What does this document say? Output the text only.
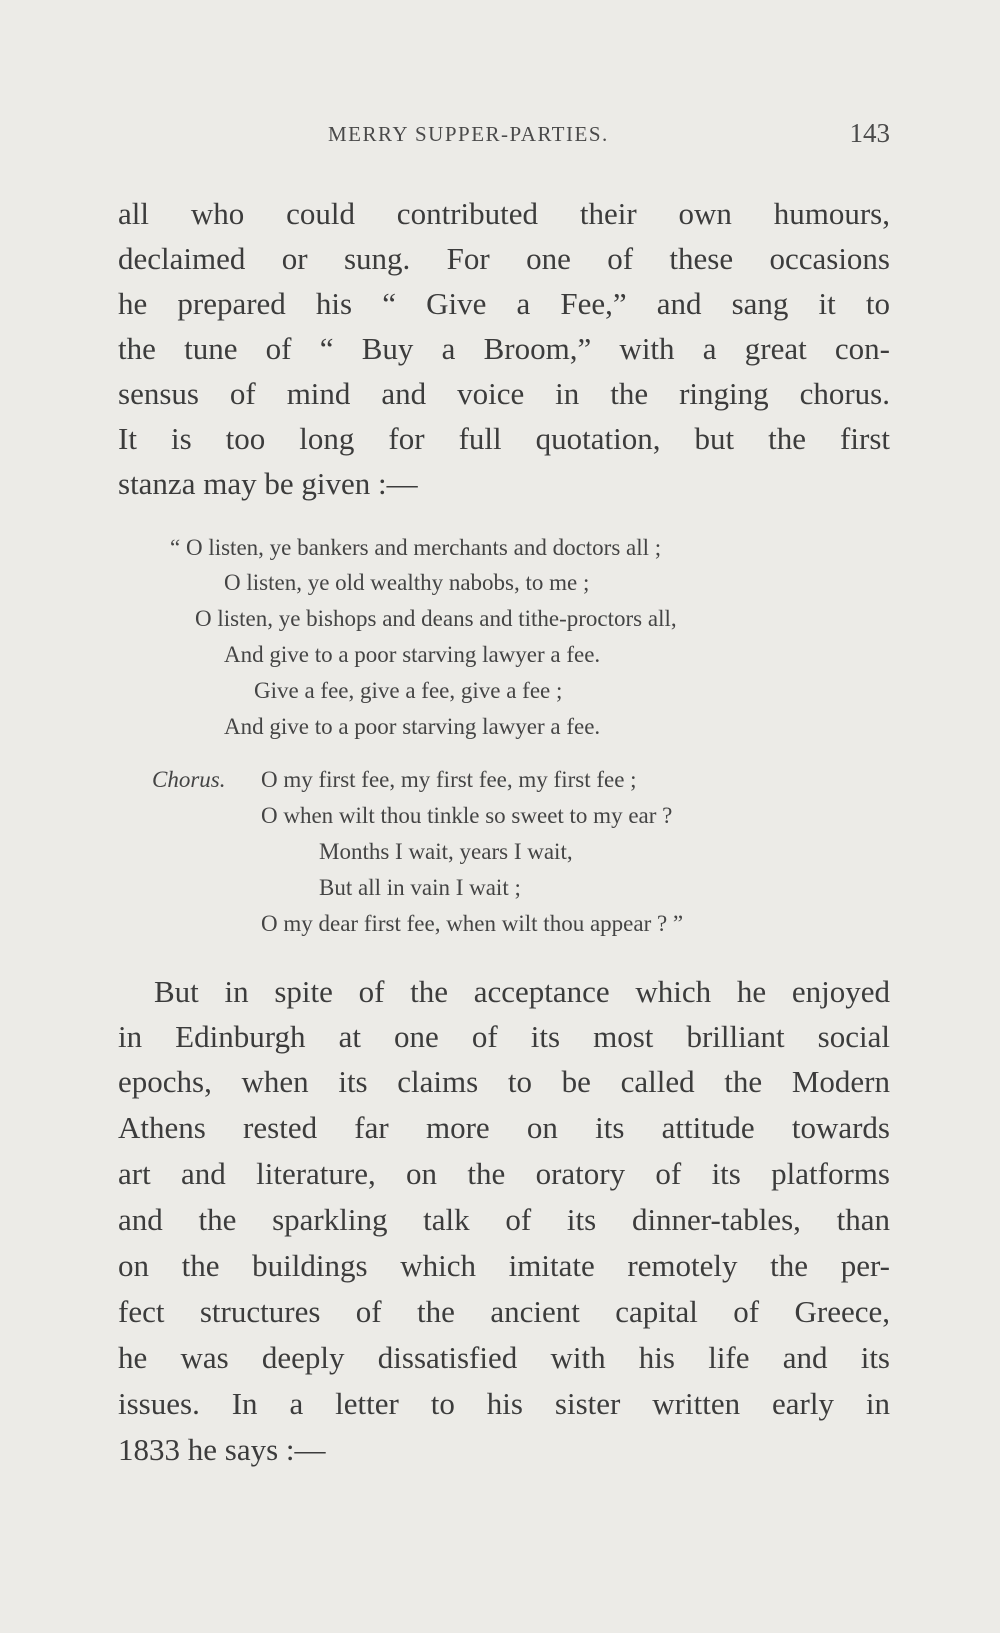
MERRY SUPPER-PARTIES.	143
all who could contributed their own humours,
declaimed or sung. For one of these occasions
he prepared his “ Give a Fee,” and sang it to
the tune of “ Buy a Broom,” with a great con-
sensus of mind and voice in the ringing chorus.
It is too long for full quotation, but the first
stanza may be given :—
“ O listen, ye bankers and merchants and doctors all ;
O listen, ye old wealthy nabobs, to me ;
O listen, ye bishops and deans and tithe-proctors all,
And give to a poor starving lawyer a fee.
Give a fee, give a fee, give a fee ;
And give to a poor starving lawyer a fee.
Chorus. O my first fee, my first fee, my first fee ;
O when wilt thou tinkle so sweet to my ear ?
Months I wait, years I wait,
But all in vain I wait ;
O my dear first fee, when wilt thou appear ? ”
But in spite of the acceptance which he enjoyed
in Edinburgh at one of its most brilliant social
epochs, when its claims to be called the Modern
Athens rested far more on its attitude towards
art and literature, on the oratory of its platforms
and the sparkling talk of its dinner-tables, than
on the buildings which imitate remotely the per-
fect structures of the ancient capital of Greece,
he was deeply dissatisfied with his life and its
issues. In a letter to his sister written early in
1833 he says :—
